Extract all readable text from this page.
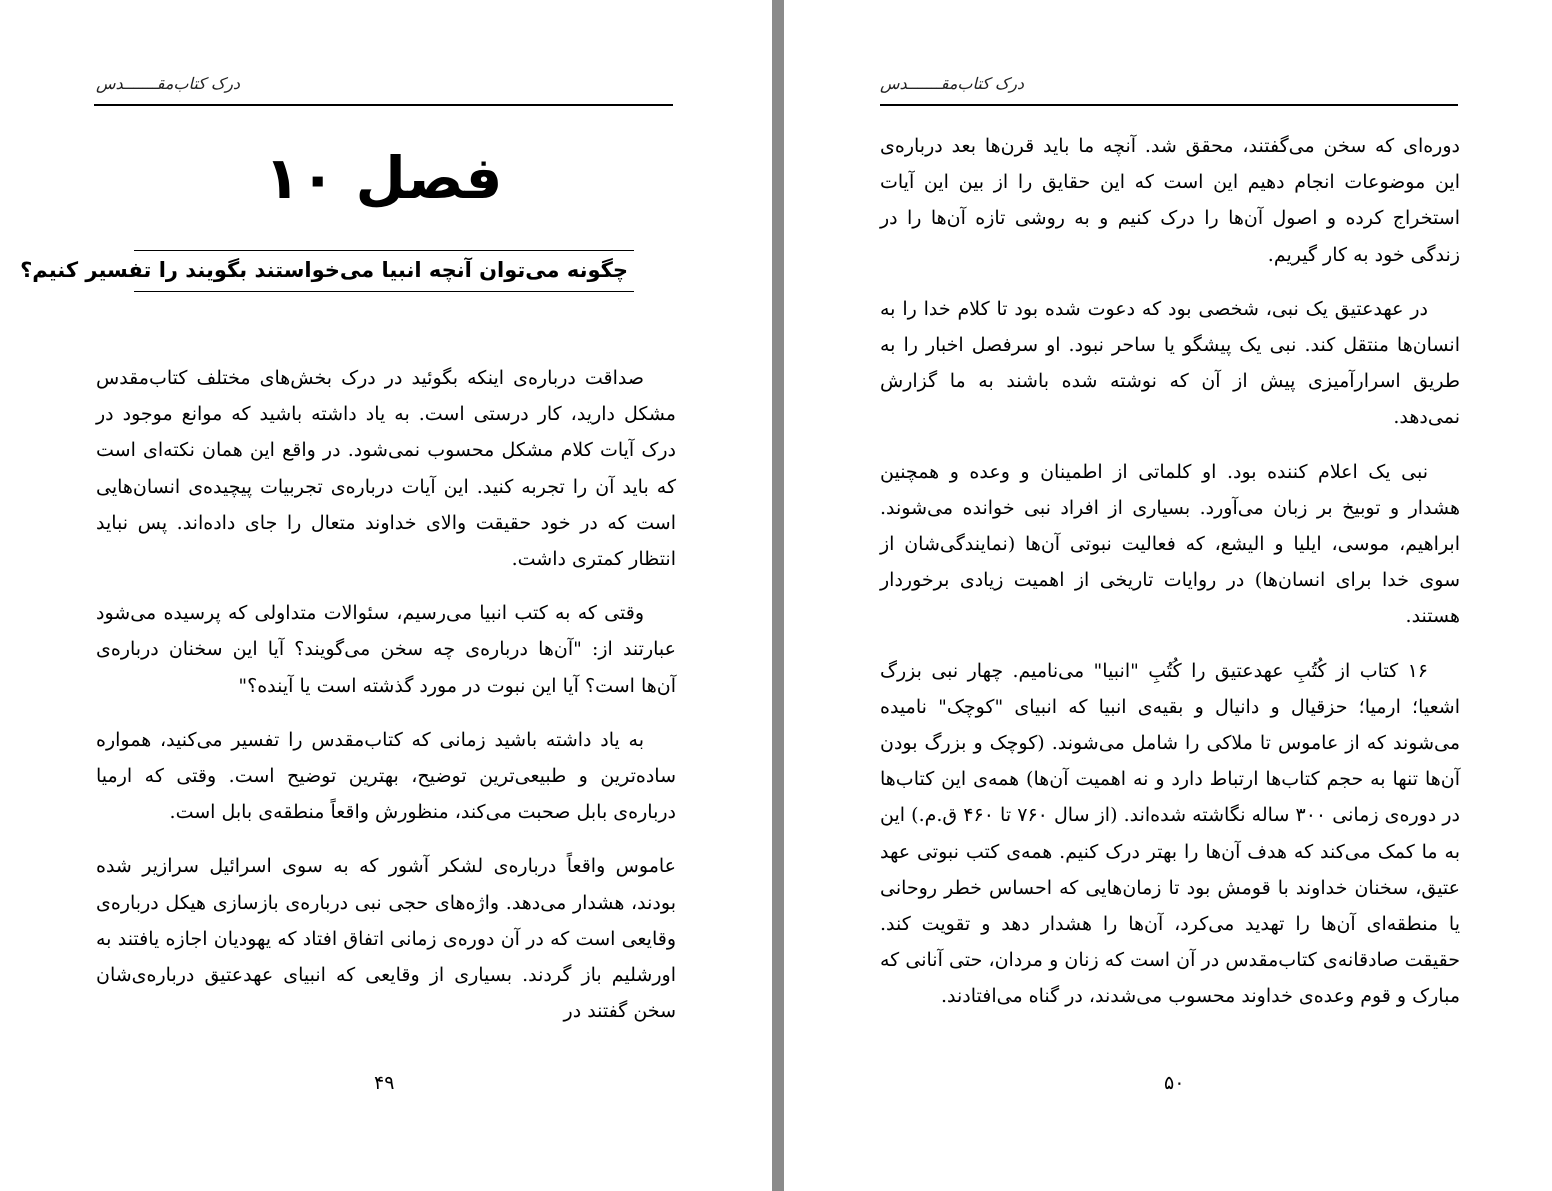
درک کتاب‌مقـــــــدس
فصل ۱۰
چگونه می‌توان آنچه انبیا می‌خواستند بگویند را تفسیر کنیم؟

صداقت درباره‌ی اینکه بگوئید در درک بخش‌های مختلف کتاب‌مقدس مشکل دارید، کار درستی است. به یاد داشته باشید که موانع موجود در درک آیات کلام مشکل محسوب نمی‌شود. در واقع این همان نکته‌ای است که باید آن را تجربه کنید. این آیات درباره‌ی تجربیات پیچیده‌ی انسان‌هایی است که در خود حقیقت والای خداوند متعال را جای داده‌اند. پس نباید انتظار کمتری داشت.

وقتی که به کتب انبیا می‌رسیم، سئوالات متداولی که پرسیده می‌شود عبارتند از: "آن‌ها درباره‌ی چه سخن می‌گویند؟ آیا این سخنان درباره‌ی آن‌ها است؟ آیا این نبوت در مورد گذشته است یا آینده؟"

به یاد داشته باشید زمانی که کتاب‌مقدس را تفسیر می‌کنید، همواره ساده‌ترین و طبیعی‌ترین توضیح، بهترین توضیح است. وقتی که ارمیا درباره‌ی بابل صحبت می‌کند، منظورش واقعاً منطقه‌ی بابل است.

عاموس واقعاً درباره‌ی لشکر آشور که به سوی اسرائیل سرازیر شده بودند، هشدار می‌دهد. واژه‌های حجی نبی درباره‌ی بازسازی هیکل درباره‌ی وقایعی است که در آن دوره‌ی زمانی اتفاق افتاد که یهودیان اجازه یافتند به اورشلیم باز گردند. بسیاری از وقایعی که انبیای عهدعتیق درباره‌ی‌شان سخن گفتند در

۴۹
درک کتاب‌مقـــــــدس

دوره‌ای که سخن می‌گفتند، محقق شد. آنچه ما باید قرن‌ها بعد درباره‌ی این موضوعات انجام دهیم این است که این حقایق را از بین این آیات استخراج کرده و اصول آن‌ها را درک کنیم و به روشی تازه آن‌ها را در زندگی خود به کار گیریم.

در عهدعتیق یک نبی، شخصی بود که دعوت شده بود تا کلام خدا را به انسان‌ها منتقل کند. نبی یک پیشگو یا ساحر نبود. او سرفصل اخبار را به طریق اسرارآمیزی پیش از آن که نوشته شده باشند به ما گزارش نمی‌دهد.

نبی یک اعلام کننده بود. او کلماتی از اطمینان و وعده و همچنین هشدار و توبیخ بر زبان می‌آورد. بسیاری از افراد نبی خوانده می‌شوند. ابراهیم، موسی، ایلیا و الیشع، که فعالیت نبوتی آن‌ها (نمایندگی‌شان از سوی خدا برای انسان‌ها) در روایات تاریخی از اهمیت زیادی برخوردار هستند.

۱۶ کتاب از کُتُبِ عهدعتیق را کُتُبِ "انبیا" می‌نامیم. چهار نبی بزرگ اشعیا؛ ارمیا؛ حزقیال و دانیال و بقیه‌ی انبیا که انبیای "کوچک" نامیده می‌شوند که از عاموس تا ملاکی را شامل می‌شوند. (کوچک و بزرگ بودن آن‌ها تنها به حجم کتاب‌ها ارتباط دارد و نه اهمیت آن‌ها) همه‌ی این کتاب‌ها در دوره‌ی زمانی ۳۰۰ ساله نگاشته شده‌اند. (از سال ۷۶۰ تا ۴۶۰ ق.م.) این به ما کمک می‌کند که هدف آن‌ها را بهتر درک کنیم. همه‌ی کتب نبوتی عهد عتیق، سخنان خداوند با قومش بود تا زمان‌هایی که احساس خطر روحانی یا منطقه‌ای آن‌ها را تهدید می‌کرد، آن‌ها را هشدار دهد و تقویت کند. حقیقت صادقانه‌ی کتاب‌مقدس در آن است که زنان و مردان، حتی آنانی که مبارک و قوم وعده‌ی خداوند محسوب می‌شدند، در گناه می‌افتادند.

۵۰
